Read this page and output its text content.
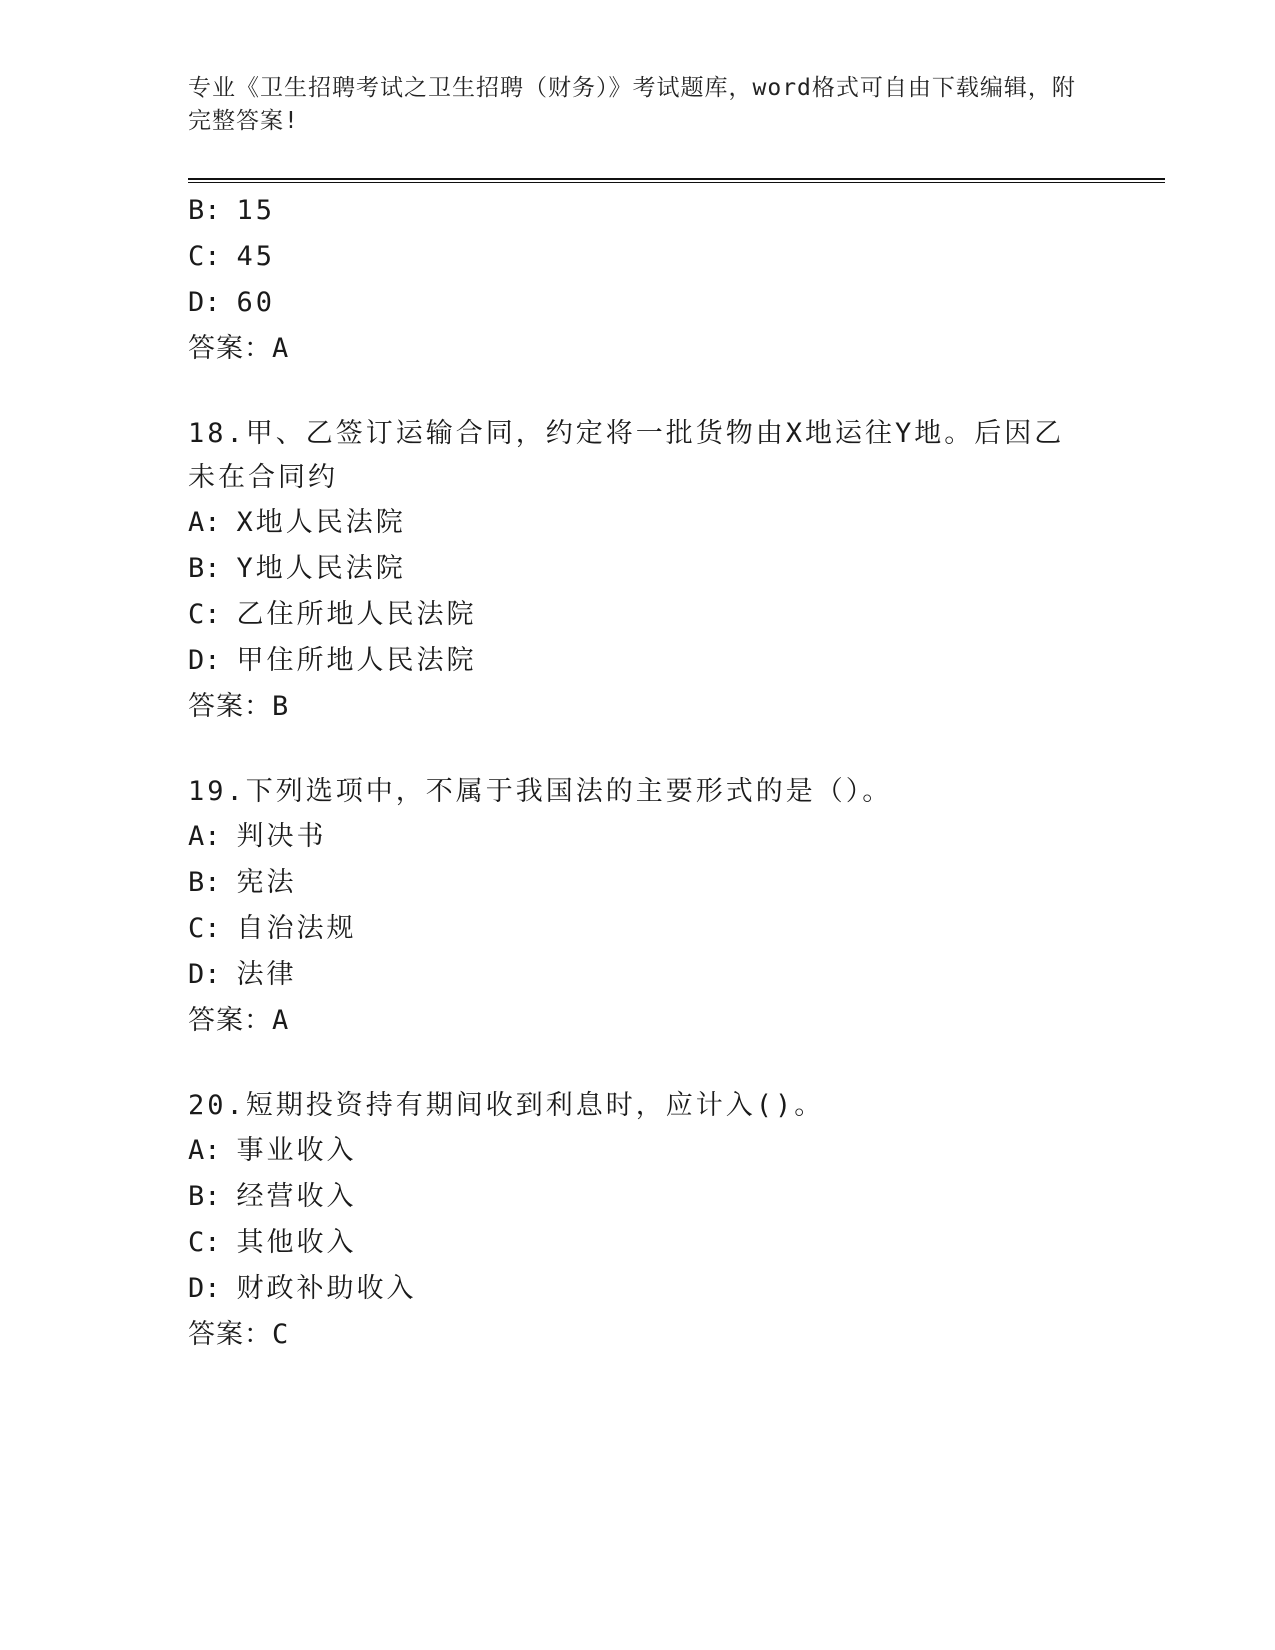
专业《卫生招聘考试之卫生招聘（财务）》考试题库，word格式可自由下载编辑，附完整答案!
B: 15
C: 45
D: 60
答案：A
18.甲、乙签订运输合同，约定将一批货物由X地运往Y地。后因乙未在合同约
A: X地人民法院
B: Y地人民法院
C: 乙住所地人民法院
D: 甲住所地人民法院
答案：B
19.下列选项中，不属于我国法的主要形式的是（）。
A: 判决书
B: 宪法
C: 自治法规
D: 法律
答案：A
20.短期投资持有期间收到利息时，应计入()。
A: 事业收入
B: 经营收入
C: 其他收入
D: 财政补助收入
答案：C
